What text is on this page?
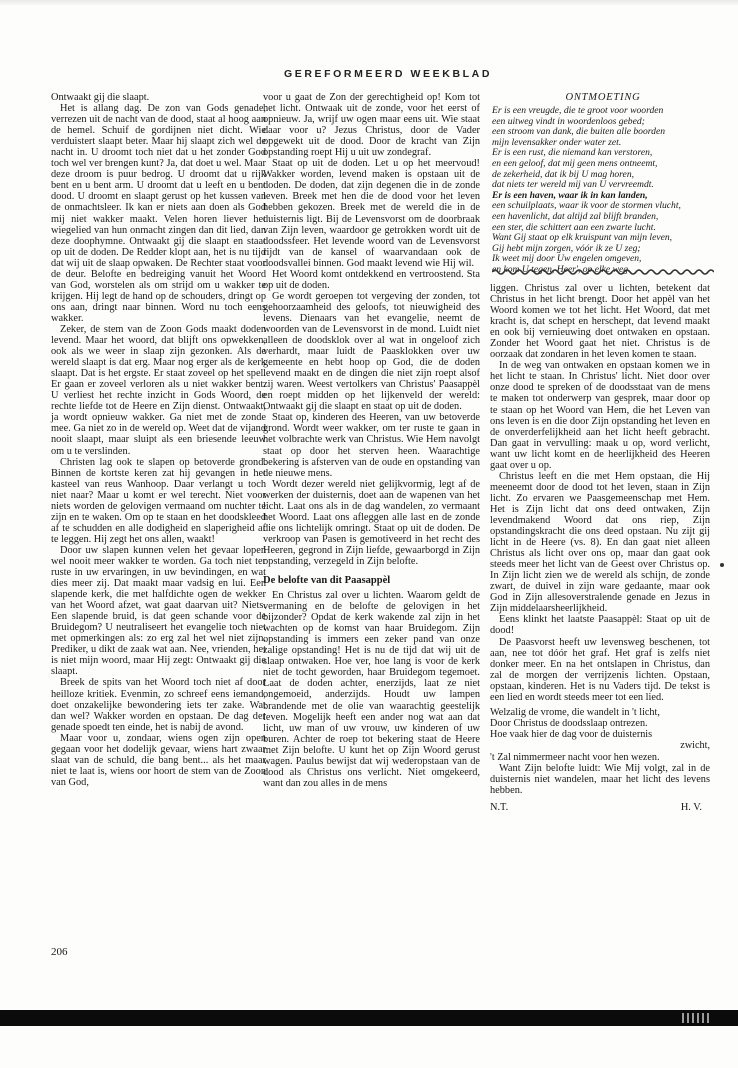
GEREFORMEERD WEEKBLAD

Ontwaakt gij die slaapt.

Het is allang dag. De zon van Gods genade, verrezen uit de nacht van de dood, staat al hoog aan de hemel. Schuif de gordijnen niet dicht. Wie verduistert slaapt beter. Maar hij slaapt zich wel de nacht in. U droomt toch niet dat u het zonder God toch wel ver brengen kunt? Ja, dat doet u wel. Maar deze droom is puur bedrog. U droomt dat u rijk bent en u bent arm. U droomt dat u leeft en u bent dood. U droomt en slaapt gerust op het kussen van de onmachtsleer. Ik kan er niets aan doen als God mij niet wakker maakt. Velen horen liever het wiegelied van hun onmacht zingen dan dit lied, dan deze doophymne. Ontwaakt gij die slaapt en staat op uit de doden. De Redder klopt aan, het is nu tijd dat wij uit de slaap opwaken. De Rechter staat voor de deur. Belofte en bedreiging vanuit het Woord van God, worstelen als om strijd om u wakker te krijgen. Hij legt de hand op de schouders, dringt op ons aan, dringt naar binnen. Word nu toch eens wakker.

Zeker, de stem van de Zoon Gods maakt doden levend. Maar het woord, dat blijft ons opwekken, ook als we weer in slaap zijn gezonken. Als de wereld slaapt is dat erg. Maar nog erger als de kerk slaapt. Dat is het ergste. Er staat zoveel op het spel. Er gaan er zoveel verloren als u niet wakker bent. U verliest het rechte inzicht in Gods Woord, de rechte liefde tot de Heere en Zijn dienst. Ontwaakt, ja wordt opnieuw wakker. Ga niet met de zonde mee. Ga niet zo in de wereld op. Weet dat de vijand nooit slaapt, maar sluipt als een briesende leeuw om u te verslinden.

Christen lag ook te slapen op betoverde grond. Binnen de kortste keren zat hij gevangen in het kasteel van reus Wanhoop. Daar verlangt u toch niet naar? Maar u komt er wel terecht. Niet voor niets worden de gelovigen vermaand om nuchter te zijn en te waken. Om op te staan en het doodskleed af te schudden en alle dodigheid en slaperigheid af te leggen. Hij zegt het ons allen, waakt!

Door uw slapen kunnen velen het gevaar lopen wel nooit meer wakker te worden. Ga toch niet ter ruste in uw ervaringen, in uw bevindingen, en wat dies meer zij. Dat maakt maar vadsig en lui. Een slapende kerk, die met halfdichte ogen de wekker van het Woord afzet, wat gaat daarvan uit? Niets. Een slapende bruid, is dat geen schande voor de Bruidegom? U neutraliseert het evangelie toch niet met opmerkingen als: zo erg zal het wel niet zijn. Prediker, u dikt de zaak wat aan. Nee, vrienden, het is niet mijn woord, maar Hij zegt: Ontwaakt gij die slaapt.

Breek de spits van het Woord toch niet af door heilloze kritiek. Evenmin, zo schreef eens iemand, doet onzakelijke bewondering iets ter zake. Wat dan wel? Wakker worden en opstaan. De dag der genade spoedt ten einde, het is nabij de avond.

Maar voor u, zondaar, wiens ogen zijn open gegaan voor het dodelijk gevaar, wiens hart zwaar slaat van de schuld, die bang bent... als het maar niet te laat is, wiens oor hoort de stem van de Zoon van God,

voor u gaat de Zon der gerechtigheid op! Kom tot het licht. Ontwaak uit de zonde, voor het eerst of opnieuw. Ja, wrijf uw ogen maar eens uit. Wie staat daar voor u? Jezus Christus, door de Vader opgewekt uit de dood. Door de kracht van Zijn opstanding roept Hij u uit uw zondegraf.

Staat op uit de doden. Let u op het meervoud! Wakker worden, levend maken is opstaan uit de doden. De doden, dat zijn degenen die in de zonde leven. Breek met hen die de dood voor het leven hebben gekozen. Breek met de wereld die in de duisternis ligt. Bij de Levensvorst om de doorbraak van Zijn leven, waardoor ge getrokken wordt uit de doodssfeer. Het levende woord van de Levensvorst rijdt van de kansel of waarvandaan ook de doodsvallei binnen. God maakt levend wie Hij wil.

Het Woord komt ontdekkend en vertroostend. Sta op uit de doden.

Ge wordt geroepen tot vergeving der zonden, tot gehoorzaamheid des geloofs, tot nieuwigheid des levens. Dienaars van het evangelie, neemt de woorden van de Levensvorst in de mond. Luidt niet alleen de doodsklok over al wat in ongeloof zich verhardt, maar luidt de Paasklokken over uw gemeente en hebt hoop op God, die de doden levend maakt en de dingen die niet zijn roept alsof zij waren. Weest vertolkers van Christus' Paasappèl en roept midden op het lijkenveld der wereld: Ontwaakt gij die slaapt en staat op uit de doden.

Staat op, kinderen des Heeren, van uw betoverde grond. Wordt weer wakker, om ter ruste te gaan in het volbrachte werk van Christus. Wie Hem navolgt staat op door het sterven heen. Waarachtige bekering is afsterven van de oude en opstanding van de nieuwe mens.

Wordt dezer wereld niet gelijkvormig, legt af de werken der duisternis, doet aan de wapenen van het licht. Laat ons als in de dag wandelen, zo vermaant het Woord. Laat ons afleggen alle last en de zonde die ons lichtelijk omringt. Staat op uit de doden. De verkroop van Pasen is gemotiveerd in het recht des Heeren, gegrond in Zijn liefde, gewaarborgd in Zijn opstanding, verzegeld in Zijn belofte.

De belofte van dit Paasappèl

En Christus zal over u lichten. Waarom geldt de vermaning en de belofte de gelovigen in het bijzonder? Opdat de kerk wakende zal zijn in het wachten op de komst van haar Bruidegom. Zijn opstanding is immers een zeker pand van onze zalige opstanding! Het is nu de tijd dat wij uit de slaap ontwaken. Hoe ver, hoe lang is voor de kerk niet de tocht geworden, haar Bruidegom tegemoet. Laat de doden achter, enerzijds, laat ze niet ongemoeid, anderzijds. Houdt uw lampen brandende met de olie van waarachtig geestelijk leven. Mogelijk heeft een ander nog wat aan dat licht, uw man of uw vrouw, uw kinderen of uw buren. Achter de roep tot bekering staat de Heere met Zijn belofte. U kunt het op Zijn Woord gerust wagen. Paulus bewijst dat wij wederopstaan van de dood als Christus ons verlicht. Niet omgekeerd, want dan zou alles in de mens

ONTMOETING
Er is een vreugde, die te groot voor woorden
een uitweg vindt in woordenloos gebed;
een stroom van dank, die buiten alle boorden
mijn levensakker onder water zet.
Er is een rust, die niemand kan verstoren,
en een geloof, dat mij geen mens ontneemt,
de zekerheid, dat ik bij U mag horen,
dat niets ter wereld mij van U vervreemdt.
Er is een haven, waar ik in kan landen,
een schuilplaats, waar ik voor de stormen vlucht,
een havenlicht, dat altijd zal blijft branden,
een ster, die schittert aan een zwarte lucht.
Want Gij staat op elk kruispunt van mijn leven,
Gij hebt mijn zorgen, vóór ik ze U zeg;
Ik weet mij door Uw engelen omgeven,
en kom U tegen, Heer', op elke weg.

liggen. Christus zal over u lichten, betekent dat Christus in het licht brengt. Door het appèl van het Woord komen we tot het licht. Het Woord, dat met kracht is, dat schept en herschept, dat levend maakt en ook bij vernieuwing doet ontwaken en opstaan. Zonder het Woord gaat het niet. Christus is de oorzaak dat zondaren in het leven komen te staan.

In de weg van ontwaken en opstaan komen we in het licht te staan. In Christus' licht. Niet door over onze dood te spreken of de doodsstaat van de mens te maken tot onderwerp van gesprek, maar door op te staan op het Woord van Hem, die het Leven van ons leven is en die door Zijn opstanding het leven en de onverderfelijkheid aan het licht heeft gebracht. Dan gaat in vervulling: maak u op, word verlicht, want uw licht komt en de heerlijkheid des Heeren gaat over u op.

Christus leeft en die met Hem opstaan, die Hij meeneemt door de dood tot het leven, staan in Zijn licht. Zo ervaren we Paasgemeenschap met Hem. Het is Zijn licht dat ons deed ontwaken, Zijn levendmakend Woord dat ons riep, Zijn opstandingskracht die ons deed opstaan. Nu zijt gij licht in de Heere (vs. 8). En dan gaat niet alleen Christus als licht over ons op, maar dan gaat ook steeds meer het licht van de Geest over Christus op. In Zijn licht zien we de wereld als schijn, de zonde zwart, de duivel in zijn ware gedaante, maar ook God in Zijn allesoverstralende genade en Jezus in Zijn middelaarsheerlijkheid.

Eens klinkt het laatste Paasappèl: Staat op uit de dood!

De Paasvorst heeft uw levensweg beschenen, tot aan, nee tot dóór het graf. Het graf is zelfs niet donker meer. En na het ontslapen in Christus, dan zal de morgen der verrijzenis lichten. Opstaan, opstaan, kinderen. Het is nu Vaders tijd. De tekst is een lied en wordt steeds meer tot een lied.

Welzalig de vrome, die wandelt in 't licht,
Door Christus de doodsslaap ontrezen.
Hoe vaak hier de dag voor de duisternis
zwicht,
't Zal nimmermeer nacht voor hen wezen.

Want Zijn belofte luidt: Wie Mij volgt, zal in de duisternis niet wandelen, maar het licht des levens hebben.

N.T.	H. V.
206
